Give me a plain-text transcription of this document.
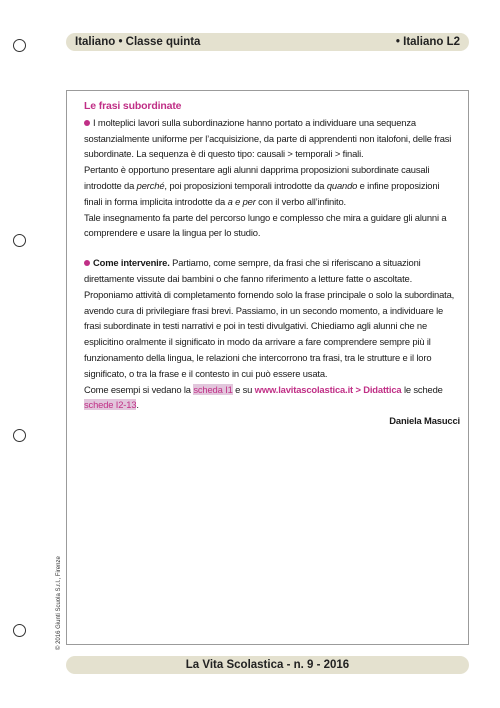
Italiano • Classe quinta	• Italiano L2
© 2016 Giunti Scuola S.r.l., Firenze

Le frasi subordinate

I molteplici lavori sulla subordinazione hanno portato a individuare una sequenza sostanzialmente uniforme per l’acquisizione, da parte di apprendenti non italofoni, delle frasi subordinate. La sequenza è di questo tipo: causali > temporali > finali.

Pertanto è opportuno presentare agli alunni dapprima proposizioni subordinate causali introdotte da perché, poi proposizioni temporali introdotte da quando e infine proposizioni finali in forma implicita introdotte da a e per con il verbo all’infinito.

Tale insegnamento fa parte del percorso lungo e complesso che mira a guidare gli alunni a comprendere e usare la lingua per lo studio.

Come intervenire. Partiamo, come sempre, da frasi che si riferiscano a situazioni direttamente vissute dai bambini o che fanno riferimento a letture fatte o ascoltate. Proponiamo attività di completamento fornendo solo la frase principale o solo la subordinata, avendo cura di privilegiare frasi brevi. Passiamo, in un secondo momento, a individuare le frasi subordinate in testi narrativi e poi in testi divulgativi. Chiediamo agli alunni che ne esplicitino oralmente il significato in modo da arrivare a fare comprendere sempre più il funzionamento della lingua, le relazioni che intercorrono tra frasi, tra le strutture e il loro significato, o tra la frase e il contesto in cui può essere usata.

Come esempi si vedano la scheda I1 e su www.lavitascolastica.it > Didattica le schede schede I2-13.

Daniela Masucci

La Vita Scolastica - n. 9 - 2016
